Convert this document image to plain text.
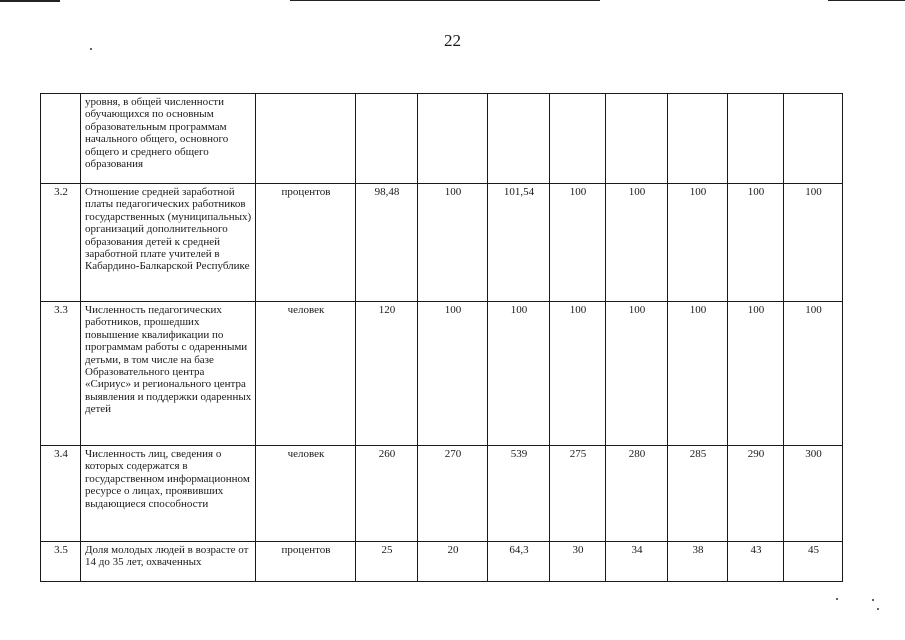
22
	уровня, в общей численности обучающихся по основным образовательным программам начального общего, основного общего и среднего общего образования									
3.2	Отношение средней заработной платы педагогических работников государственных (муниципальных) организаций дополнительного образования детей к средней заработной плате учителей в Кабардино-Балкарской Республике	процентов	98,48	100	101,54	100	100	100	100	100
3.3	Численность педагогических работников, прошедших повышение квалификации по программам работы с одаренными детьми, в том числе на базе Образовательного центра «Сириус» и регионального центра выявления и поддержки одаренных детей	человек	120	100	100	100	100	100	100	100
3.4	Численность лиц, сведения о которых содержатся в государственном информационном ресурсе о лицах, проявивших выдающиеся способности	человек	260	270	539	275	280	285	290	300
3.5	Доля молодых людей в возрасте от 14 до 35 лет, охваченных	процентов	25	20	64,3	30	34	38	43	45
